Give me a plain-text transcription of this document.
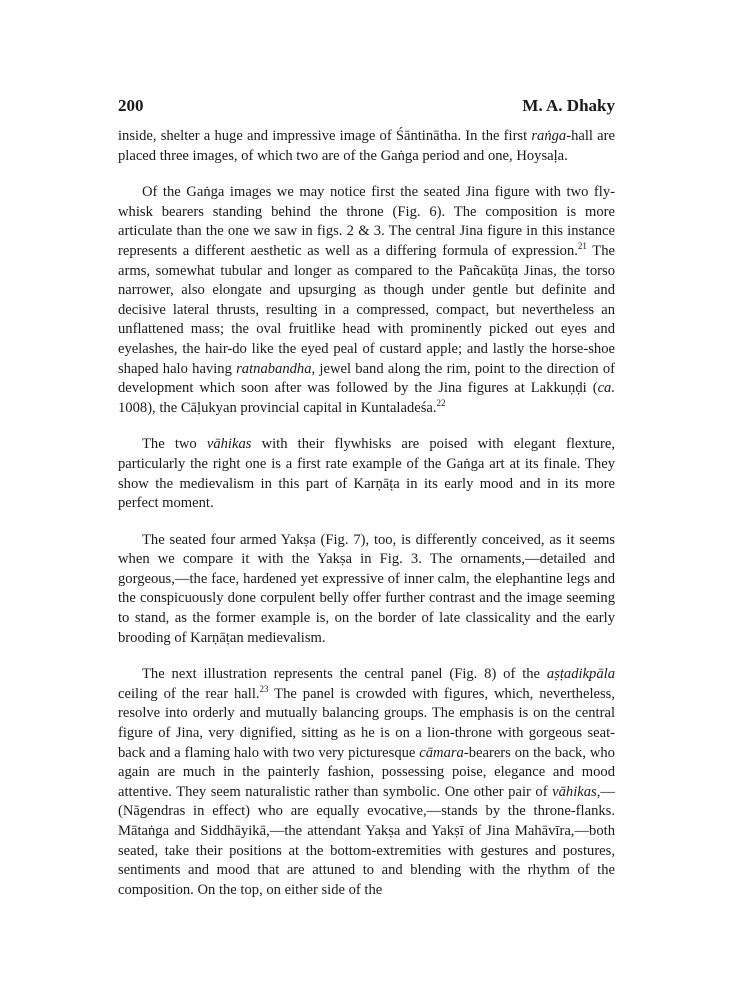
200	M. A. Dhaky

inside, shelter a huge and impressive image of Śāntinātha. In the first raṅga-hall are placed three images, of which two are of the Gaṅga period and one, Hoysaḷa.

Of the Gaṅga images we may notice first the seated Jina figure with two fly-whisk bearers standing behind the throne (Fig. 6). The composition is more articulate than the one we saw in figs. 2 & 3. The central Jina figure in this instance represents a different aesthetic as well as a differing formula of expression.$^{21}$ The arms, somewhat tubular and longer as compared to the Pañcakūṭa Jinas, the torso narrower, also elongate and upsurging as though under gentle but definite and decisive lateral thrusts, resulting in a compressed, compact, but nevertheless an unflattened mass; the oval fruitlike head with prominently picked out eyes and eyelashes, the hair-do like the eyed peal of custard apple; and lastly the horse-shoe shaped halo having ratnabandha, jewel band along the rim, point to the direction of development which soon after was followed by the Jina figures at Lakkuṇḍi (ca. 1008), the Cāḷukyan provincial capital in Kuntaladeśa.$^{22}$

The two vāhikas with their flywhisks are poised with elegant flexture, particularly the right one is a first rate example of the Gaṅga art at its finale. They show the medievalism in this part of Karṇāṭa in its early mood and in its more perfect moment.

The seated four armed Yakṣa (Fig. 7), too, is differently conceived, as it seems when we compare it with the Yakṣa in Fig. 3. The ornaments,—detailed and gorgeous,—the face, hardened yet expressive of inner calm, the elephantine legs and the conspicuously done corpulent belly offer further contrast and the image seeming to stand, as the former example is, on the border of late classicality and the early brooding of Karṇāṭan medievalism.

The next illustration represents the central panel (Fig. 8) of the aṣṭadikpāla ceiling of the rear hall.$^{23}$ The panel is crowded with figures, which, nevertheless, resolve into orderly and mutually balancing groups. The emphasis is on the central figure of Jina, very dignified, sitting as he is on a lion-throne with gorgeous seat-back and a flaming halo with two very picturesque cāmara-bearers on the back, who again are much in the painterly fashion, possessing poise, elegance and mood attentive. They seem naturalistic rather than symbolic. One other pair of vāhikas,—(Nāgendras in effect) who are equally evocative,—stands by the throne-flanks. Mātaṅga and Siddhāyikā,—the attendant Yakṣa and Yakṣī of Jina Mahāvīra,—both seated, take their positions at the bottom-extremities with gestures and postures, sentiments and mood that are attuned to and blending with the rhythm of the composition. On the top, on either side of the
